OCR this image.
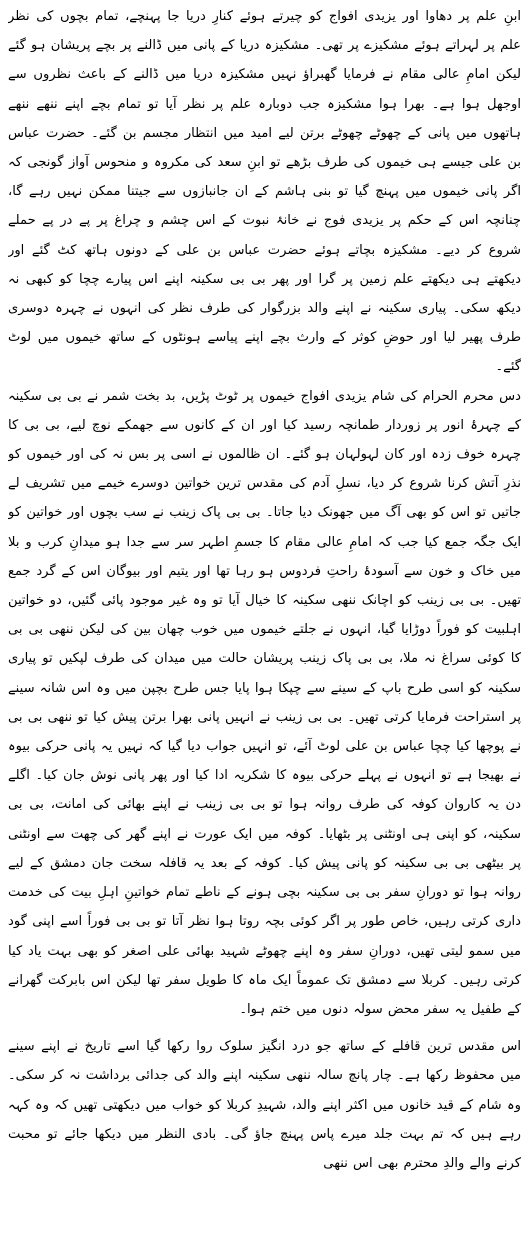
ابنِ علم پر دھاوا اور یزیدی افواج کو چیرتے ہوئے کنارِ دریا جا پہنچے، تمام بچوں کی نظر علم پر لہراتے ہوئے مشکیزے پر تھی۔ مشکیزہ دریا کے پانی میں ڈالنے پر بچے پریشان ہو گئے لیکن امامِ عالی مقام نے فرمایا گھبراؤ نہیں مشکیزہ دریا میں ڈالنے کے باعث نظروں سے اوجھل ہوا ہے۔ بھرا ہوا مشکیزہ جب دوبارہ علم پر نظر آیا تو تمام بچے اپنے ننھے ننھے ہاتھوں میں پانی کے چھوٹے چھوٹے برتن لیے امید میں انتظار مجسم بن گئے۔ حضرت عباس بن علی جیسے ہی خیموں کی طرف بڑھے تو ابنِ سعد کی مکروہ و منحوس آواز گونجی کہ اگر پانی خیموں میں پہنچ گیا تو بنی ہاشم کے ان جانبازوں سے جیتنا ممکن نہیں رہے گا، چنانچہ اس کے حکم پر یزیدی فوج نے خانۂ نبوت کے اس چشم و چراغ پر پے در پے حملے شروع کر دیے۔ مشکیزہ بچاتے ہوئے حضرت عباس بن علی کے دونوں ہاتھ کٹ گئے اور دیکھتے ہی دیکھتے علم زمین پر گرا اور پھر بی بی سکینہ اپنے اس پیارے چچا کو کبھی نہ دیکھ سکی۔ پیاری سکینہ نے اپنے والد بزرگوار کی طرف نظر کی انہوں نے چہرہ دوسری طرف پھیر لیا اور حوضِ کوثر کے وارث بچے اپنے پیاسے ہونٹوں کے ساتھ خیموں میں لوٹ گئے۔

دس محرم الحرام کی شام یزیدی افواج خیموں پر ٹوٹ پڑیں، بد بخت شمر نے بی بی سکینہ کے چہرۂ انور پر زوردار طمانچہ رسید کیا اور ان کے کانوں سے جھمکے نوچ لیے، بی بی کا چہرہ خوف زدہ اور کان لہولہان ہو گئے۔ ان ظالموں نے اسی پر بس نہ کی اور خیموں کو نذرِ آتش کرنا شروع کر دیا، نسلِ آدم کی مقدس ترین خواتین دوسرے خیمے میں تشریف لے جاتیں تو اس کو بھی آگ میں جھونک دیا جاتا۔ بی بی پاک زینب نے سب بچوں اور خواتین کو ایک جگہ جمع کیا جب کہ امامِ عالی مقام کا جسمِ اطہر سر سے جدا ہو میدانِ کرب و بلا میں خاک و خون سے آسودۂ راحتِ فردوس ہو رہا تھا اور یتیم اور بیوگان اس کے گرد جمع تھیں۔ بی بی زینب کو اچانک ننھی سکینہ کا خیال آیا تو وہ غیر موجود پائی گئیں، دو خواتین اہلبیت کو فوراً دوڑایا گیا، انہوں نے جلتے خیموں میں خوب چھان بین کی لیکن ننھی بی بی کا کوئی سراغ نہ ملا، بی بی پاک زینب پریشان حالت میں میدان کی طرف لپکیں تو پیاری سکینہ کو اسی طرح باپ کے سینے سے چپکا ہوا پایا جس طرح بچپن میں وہ اس شانہ سینے پر استراحت فرمایا کرتی تھیں۔ بی بی زینب نے انہیں پانی بھرا برتن پیش کیا تو ننھی بی بی نے پوچھا کیا چچا عباس بن علی لوٹ آئے، تو انہیں جواب دیا گیا کہ نہیں یہ پانی حرکی بیوہ نے بھیجا ہے تو انہوں نے پہلے حرکی بیوہ کا شکریہ ادا کیا اور پھر پانی نوش جان کیا۔ اگلے دن یہ کاروان کوفہ کی طرف روانہ ہوا تو بی بی زینب نے اپنے بھائی کی امانت، بی بی سکینہ، کو اپنی ہی اونٹنی پر بٹھایا۔ کوفہ میں ایک عورت نے اپنے گھر کی چھت سے اونٹنی پر بیٹھی بی بی سکینہ کو پانی پیش کیا۔ کوفہ کے بعد یہ قافلہ سخت جان دمشق کے لیے روانہ ہوا تو دورانِ سفر بی بی سکینہ بچی ہونے کے ناطے تمام خواتینِ اہلِ بیت کی خدمت داری کرتی رہیں، خاص طور پر اگر کوئی بچہ روتا ہوا نظر آتا تو بی بی فوراً اسے اپنی گود میں سمو لیتی تھیں، دورانِ سفر وہ اپنے چھوٹے شہید بھائی علی اصغر کو بھی بہت یاد کیا کرتی رہیں۔ کربلا سے دمشق تک عموماً ایک ماہ کا طویل سفر تھا لیکن اس بابرکت گھرانے کے طفیل یہ سفر محض سولہ دنوں میں ختم ہوا۔

اس مقدس ترین قافلے کے ساتھ جو درد انگیز سلوک روا رکھا گیا اسے تاریخ نے اپنے سینے میں محفوظ رکھا ہے۔ چار پانچ سالہ ننھی سکینہ اپنے والد کی جدائی برداشت نہ کر سکی۔ وہ شام کے قید خانوں میں اکثر اپنے والد، شہیدِ کربلا کو خواب میں دیکھتی تھیں کہ وہ کہہ رہے ہیں کہ تم بہت جلد میرے پاس پہنچ جاؤ گی۔ بادی النظر میں دیکھا جائے تو محبت کرنے والے والدِ محترم بھی اس ننھی
